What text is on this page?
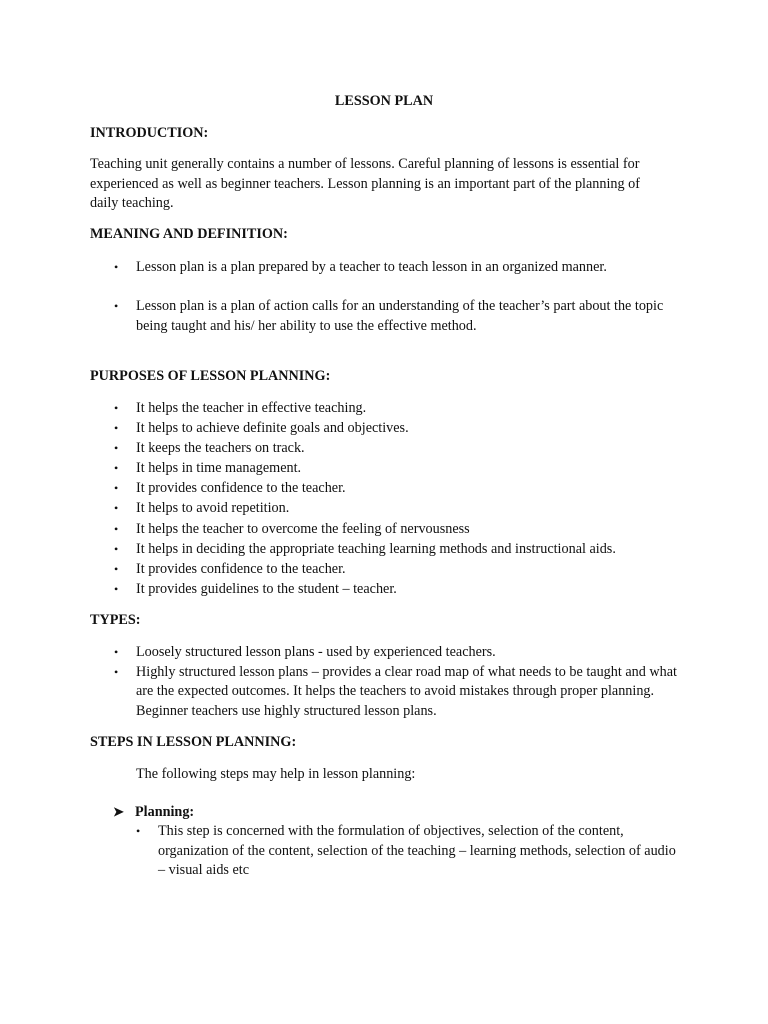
LESSON PLAN
INTRODUCTION:

Teaching unit generally contains a number of lessons. Careful planning of lessons is essential for experienced as well as beginner teachers. Lesson planning is an important part of the planning of daily teaching.

MEANING AND DEFINITION:
• Lesson plan is a plan prepared by a teacher to teach lesson in an organized manner.
• Lesson plan is a plan of action calls for an understanding of the teacher’s part about the topic being taught and his/ her ability to use the effective method.
PURPOSES OF LESSON PLANNING:
• It helps the teacher in effective teaching.
• It helps to achieve definite goals and objectives.
• It keeps the teachers on track.
• It helps in time management.
• It provides confidence to the teacher.
• It helps to avoid repetition.
• It helps the teacher to overcome the feeling of nervousness
• It helps in deciding the appropriate teaching learning methods and instructional aids.
• It provides confidence to the teacher.
• It provides guidelines to the student – teacher.
TYPES:
• Loosely structured lesson plans - used by experienced teachers.
• Highly structured lesson plans – provides a clear road map of what needs to be taught and what are the expected outcomes. It helps the teachers to avoid mistakes through proper planning. Beginner teachers use highly structured lesson plans.
STEPS IN LESSON PLANNING:
The following steps may help in lesson planning:
➤ Planning:
• This step is concerned with the formulation of objectives, selection of the content, organization of the content, selection of the teaching – learning methods, selection of audio – visual aids etc
